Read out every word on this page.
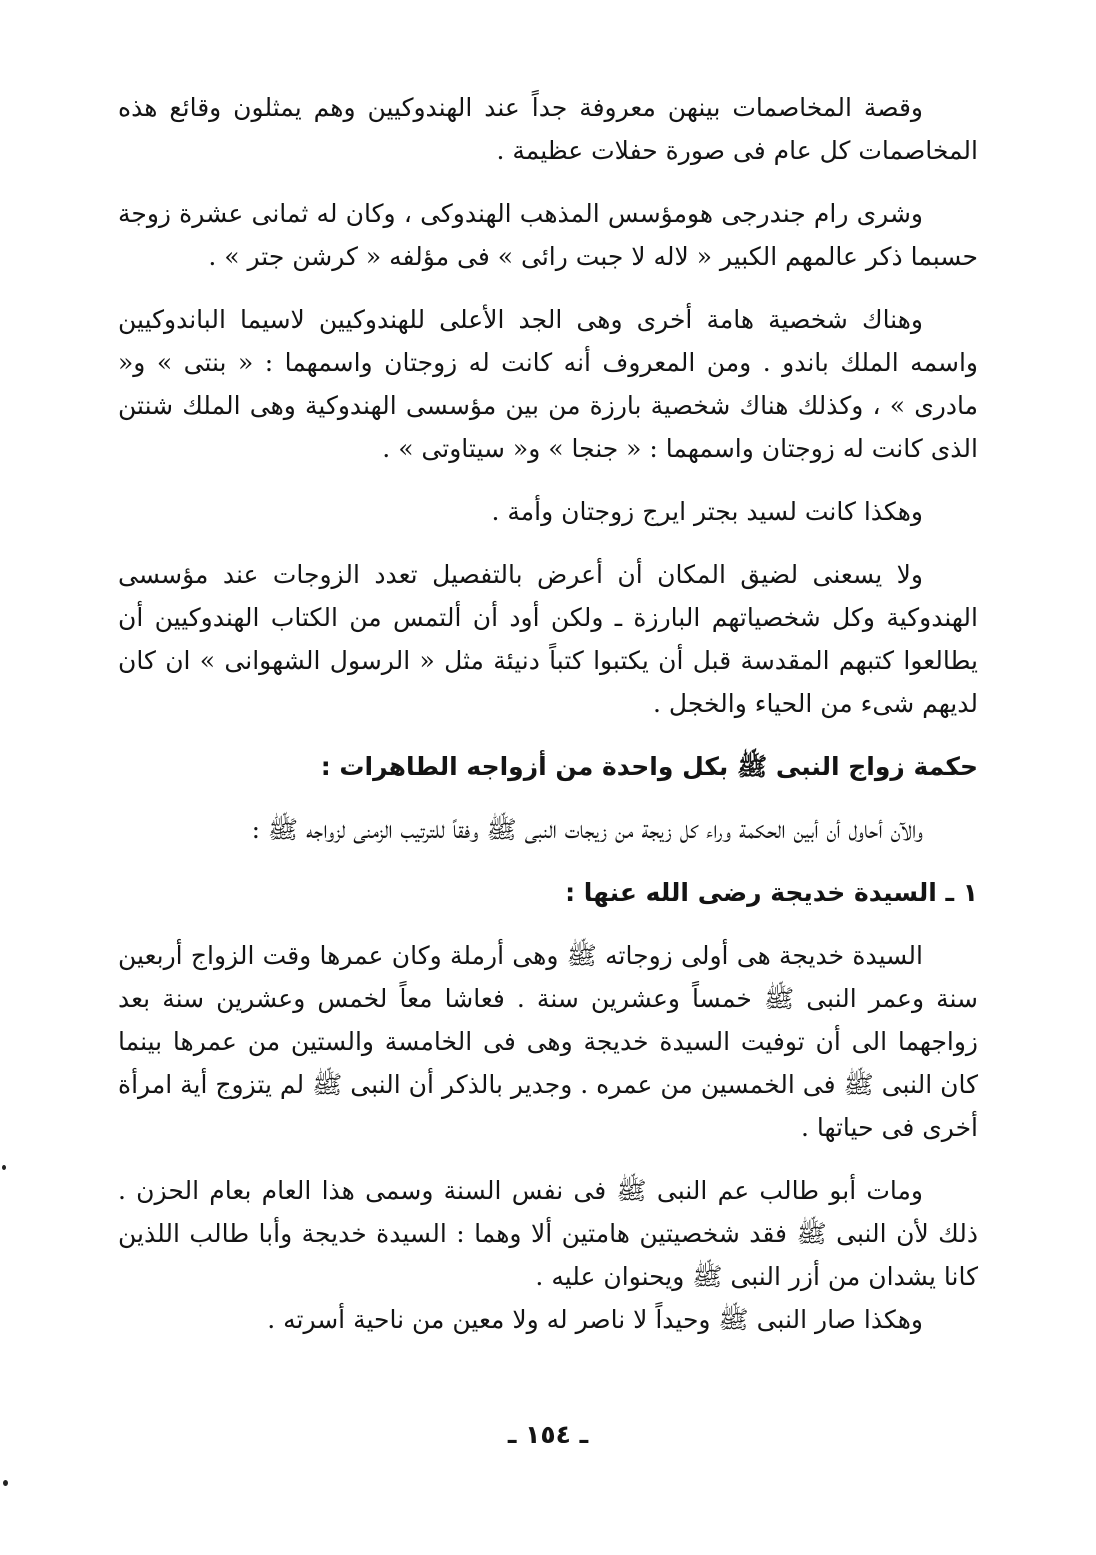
وقصة المخاصمات بينهن معروفة جداً عند الهندوكيين وهم يمثلون وقائع هذه المخاصمات كل عام فى صورة حفلات عظيمة .

وشرى رام جندرجى هومؤسس المذهب الهندوكى ، وكان له ثمانى عشرة زوجة حسبما ذكر عالمهم الكبير « لاله لا جبت رائى » فى مؤلفه « كرشن جتر » .

وهناك شخصية هامة أخرى وهى الجد الأعلى للهندوكيين لاسيما الباندوكيين واسمه الملك باندو . ومن المعروف أنه كانت له زوجتان واسمهما : « بنتى » و« مادرى » ، وكذلك هناك شخصية بارزة من بين مؤسسى الهندوكية وهى الملك شنتن الذى كانت له زوجتان واسمهما : « جنجا » و« سيتاوتى » .

وهكذا كانت لسيد بجتر ايرج زوجتان وأمة .

ولا يسعنى لضيق المكان أن أعرض بالتفصيل تعدد الزوجات عند مؤسسى الهندوكية وكل شخصياتهم البارزة ـ ولكن أود أن ألتمس من الكتاب الهندوكيين أن يطالعوا كتبهم المقدسة قبل أن يكتبوا كتباً دنيئة مثل « الرسول الشهوانى » ان كان لديهم شىء من الحياء والخجل .

حكمة زواج النبى ﷺ بكل واحدة من أزواجه الطاهرات :

والآن أحاول أن أبين الحكمة وراء كل زيجة من زيجات النبى ﷺ وفقاً للترتيب الزمنى لزواجه ﷺ :

١ ـ السيدة خديجة رضى الله عنها :

السيدة خديجة هى أولى زوجاته ﷺ وهى أرملة وكان عمرها وقت الزواج أربعين سنة وعمر النبى ﷺ خمساً وعشرين سنة . فعاشا معاً لخمس وعشرين سنة بعد زواجهما الى أن توفيت السيدة خديجة وهى فى الخامسة والستين من عمرها بينما كان النبى ﷺ فى الخمسين من عمره . وجدير بالذكر أن النبى ﷺ لم يتزوج أية امرأة أخرى فى حياتها .

ومات أبو طالب عم النبى ﷺ فى نفس السنة وسمى هذا العام بعام الحزن . ذلك لأن النبى ﷺ فقد شخصيتين هامتين ألا وهما : السيدة خديجة وأبا طالب اللذين كانا يشدان من أزر النبى ﷺ ويحنوان عليه .

وهكذا صار النبى ﷺ وحيداً لا ناصر له ولا معين من ناحية أسرته .

ـ ١٥٤ ـ
